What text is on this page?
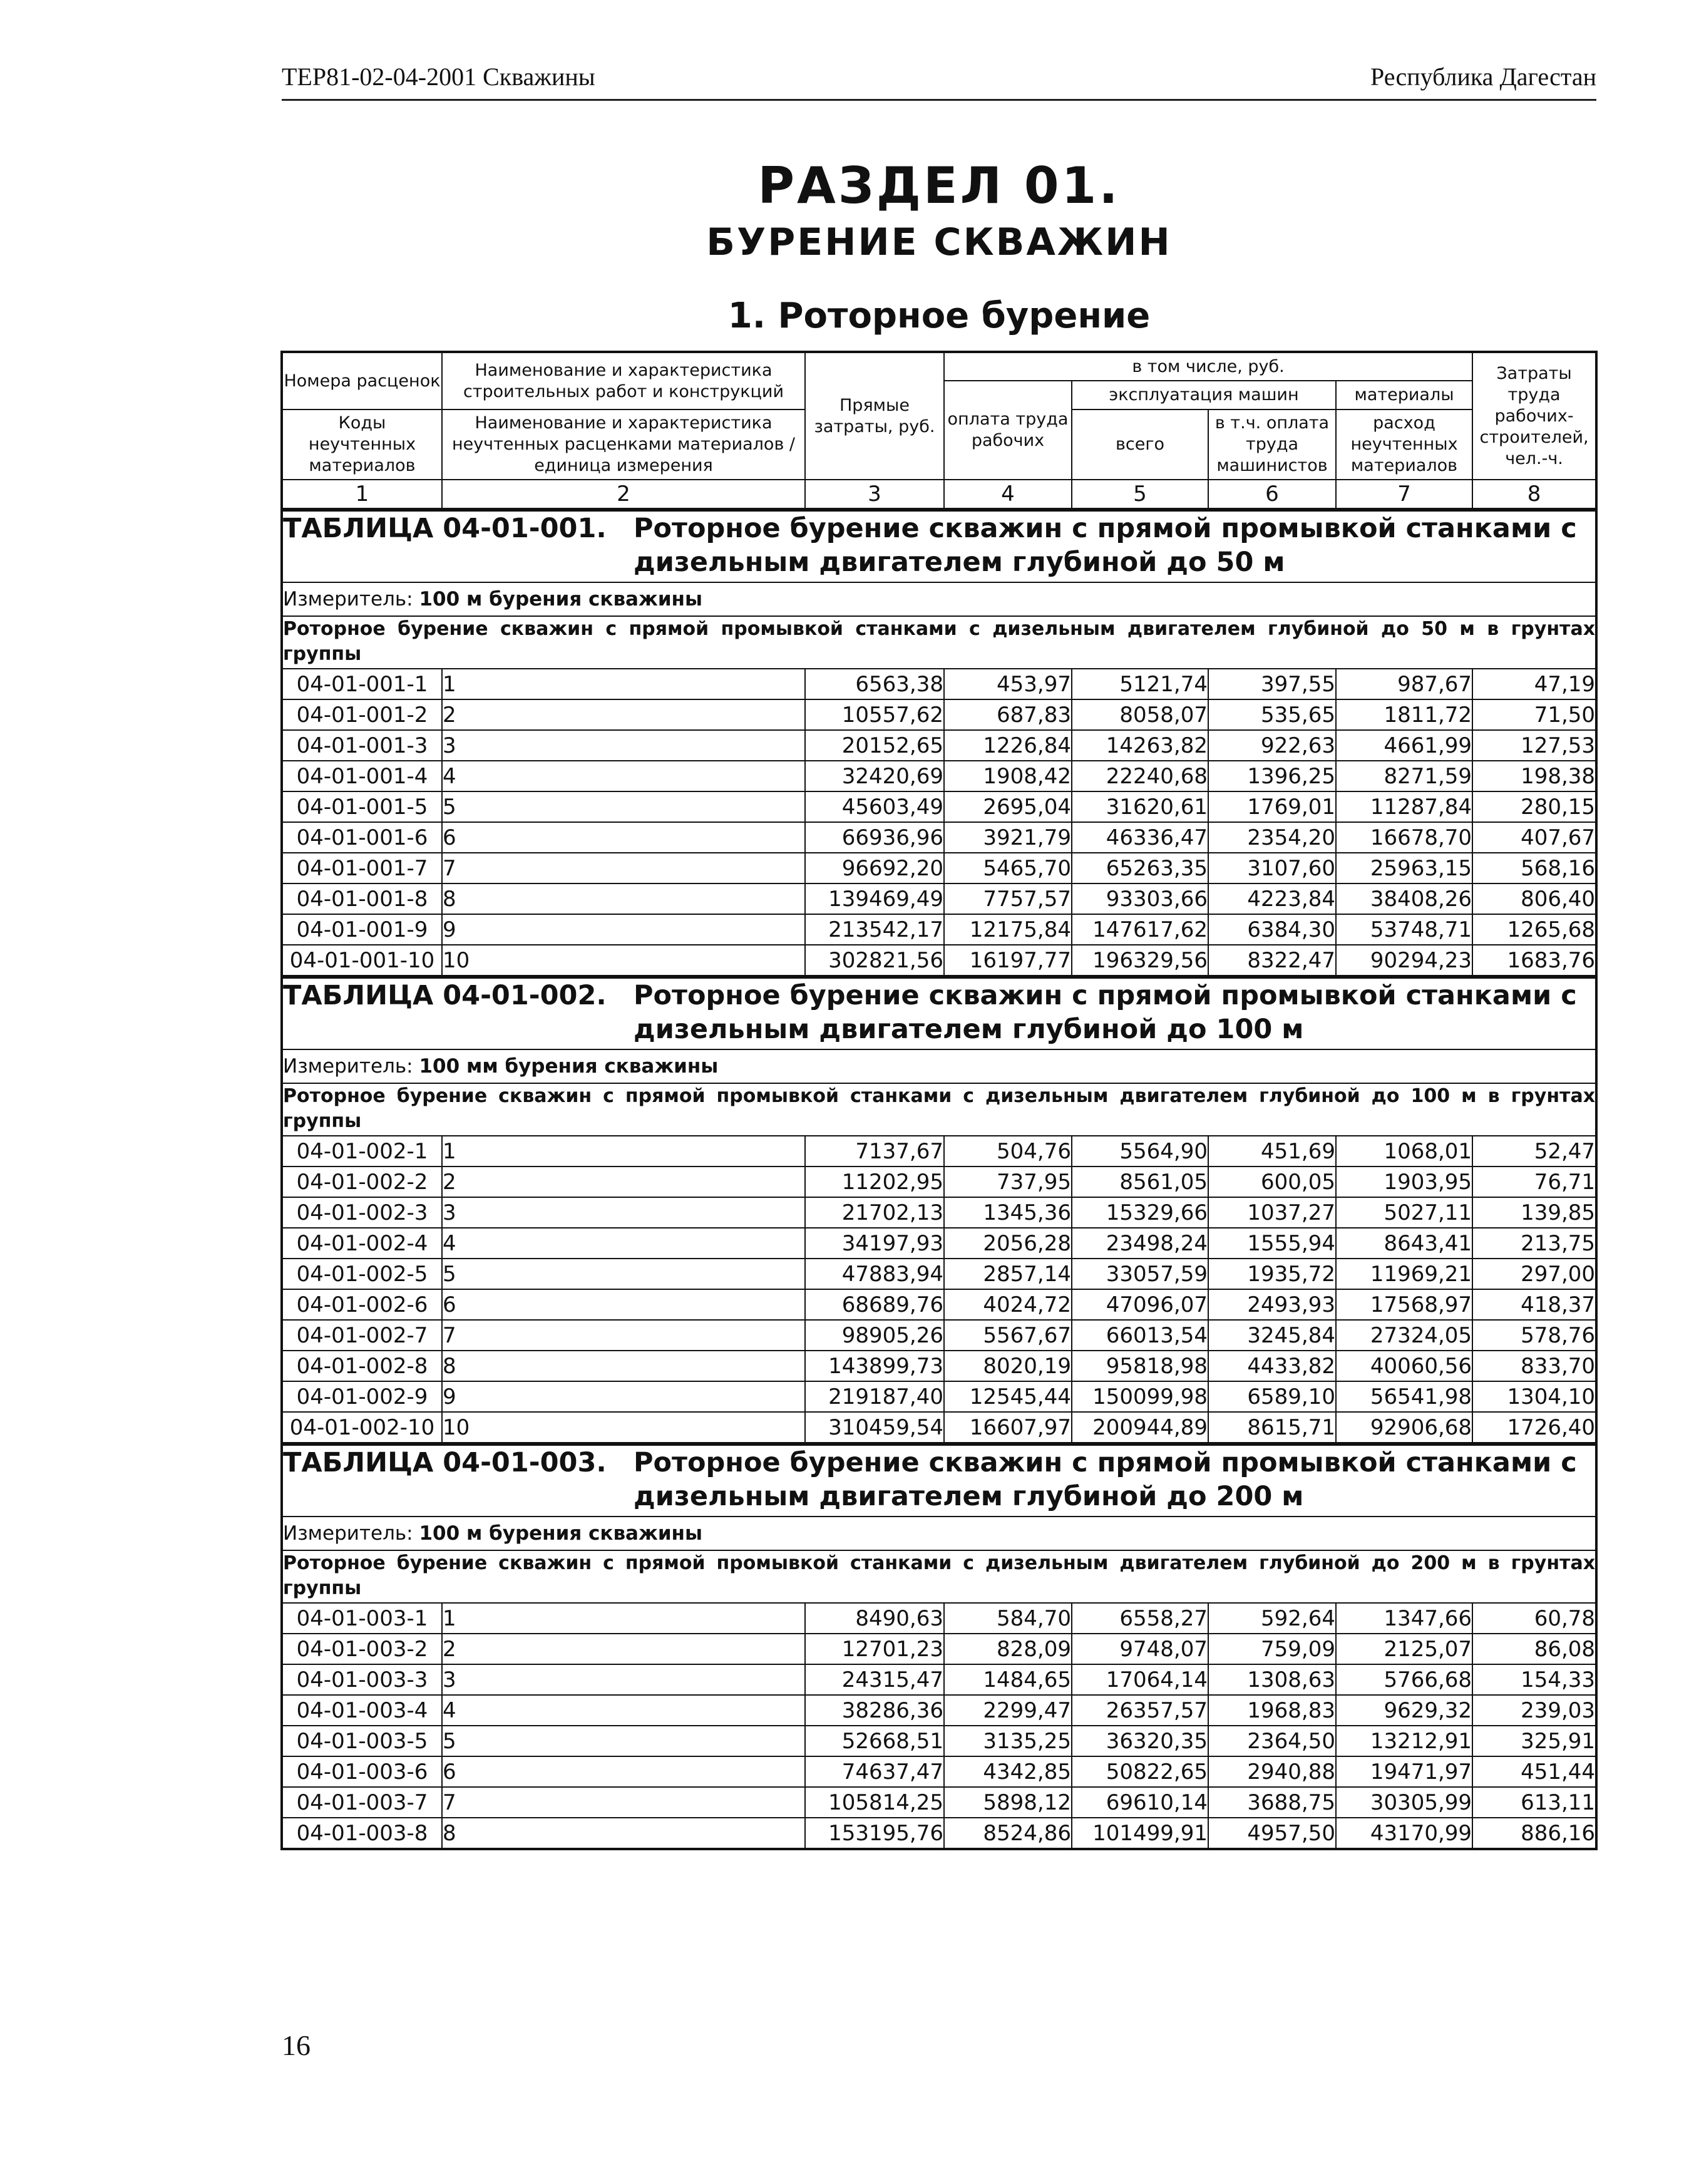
ТЕР81-02-04-2001 Скважины	Республика Дагестан
РАЗДЕЛ 01.
БУРЕНИЕ СКВАЖИН
1. Роторное бурение
Номера расценок	Наименование и характеристика строительных работ и конструкций	Прямые затраты, руб.	в том числе, руб.				Затраты труда рабочих-строителей, чел.-ч.
			оплата труда рабочих	эксплуатация машин		материалы	
Коды неучтенных материалов	Наименование и характеристика неучтенных расценками материалов / единица измерения			всего	в т.ч. оплата труда машинистов	расход неучтенных материалов	

1	2	3	4	5	6	7	8

ТАБЛИЦА 04-01-001. Роторное бурение скважин с прямой промывкой станками с дизельным двигателем глубиной до 50 м							

Измеритель: 100 м бурения скважины							
Роторное бурение скважин с прямой промывкой станками с дизельным двигателем глубиной до 50 м в грунтах группы							
04-01-001-1	1	6563,38	453,97	5121,74	397,55	987,67	47,19
04-01-001-2	2	10557,62	687,83	8058,07	535,65	1811,72	71,50
04-01-001-3	3	20152,65	1226,84	14263,82	922,63	4661,99	127,53
04-01-001-4	4	32420,69	1908,42	22240,68	1396,25	8271,59	198,38
04-01-001-5	5	45603,49	2695,04	31620,61	1769,01	11287,84	280,15
04-01-001-6	6	66936,96	3921,79	46336,47	2354,20	16678,70	407,67
04-01-001-7	7	96692,20	5465,70	65263,35	3107,60	25963,15	568,16
04-01-001-8	8	139469,49	7757,57	93303,66	4223,84	38408,26	806,40
04-01-001-9	9	213542,17	12175,84	147617,62	6384,30	53748,71	1265,68
04-01-001-10	10	302821,56	16197,77	196329,56	8322,47	90294,23	1683,76

ТАБЛИЦА 04-01-002. Роторное бурение скважин с прямой промывкой станками с дизельным двигателем глубиной до 100 м							

Измеритель: 100 мм бурения скважины							
Роторное бурение скважин с прямой промывкой станками с дизельным двигателем глубиной до 100 м в грунтах группы							
04-01-002-1	1	7137,67	504,76	5564,90	451,69	1068,01	52,47
04-01-002-2	2	11202,95	737,95	8561,05	600,05	1903,95	76,71
04-01-002-3	3	21702,13	1345,36	15329,66	1037,27	5027,11	139,85
04-01-002-4	4	34197,93	2056,28	23498,24	1555,94	8643,41	213,75
04-01-002-5	5	47883,94	2857,14	33057,59	1935,72	11969,21	297,00
04-01-002-6	6	68689,76	4024,72	47096,07	2493,93	17568,97	418,37
04-01-002-7	7	98905,26	5567,67	66013,54	3245,84	27324,05	578,76
04-01-002-8	8	143899,73	8020,19	95818,98	4433,82	40060,56	833,70
04-01-002-9	9	219187,40	12545,44	150099,98	6589,10	56541,98	1304,10
04-01-002-10	10	310459,54	16607,97	200944,89	8615,71	92906,68	1726,40

ТАБЛИЦА 04-01-003. Роторное бурение скважин с прямой промывкой станками с дизельным двигателем глубиной до 200 м							

Измеритель: 100 м бурения скважины							
Роторное бурение скважин с прямой промывкой станками с дизельным двигателем глубиной до 200 м в грунтах группы							
04-01-003-1	1	8490,63	584,70	6558,27	592,64	1347,66	60,78
04-01-003-2	2	12701,23	828,09	9748,07	759,09	2125,07	86,08
04-01-003-3	3	24315,47	1484,65	17064,14	1308,63	5766,68	154,33
04-01-003-4	4	38286,36	2299,47	26357,57	1968,83	9629,32	239,03
04-01-003-5	5	52668,51	3135,25	36320,35	2364,50	13212,91	325,91
04-01-003-6	6	74637,47	4342,85	50822,65	2940,88	19471,97	451,44
04-01-003-7	7	105814,25	5898,12	69610,14	3688,75	30305,99	613,11
04-01-003-8	8	153195,76	8524,86	101499,91	4957,50	43170,99	886,16
16
